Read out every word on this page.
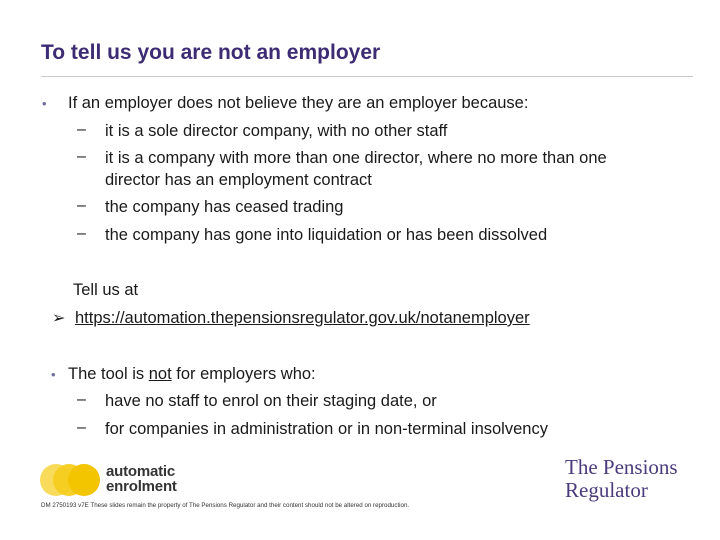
To tell us you are not an employer
• If an employer does not believe they are an employer because:
– it is a sole director company, with no other staff
– it is a company with more than one director, where no more than one
director has an employment contract
– the company has ceased trading
– the company has gone into liquidation or has been dissolved
Tell us at
➢ https://automation.thepensionsregulator.gov.uk/notanemployer
• The tool is not for employers who:
– have no staff to enrol on their staging date, or
– for companies in administration or in non-terminal insolvency
automatic
enrolment
The Pensions
Regulator
DM 2750193 v7E These slides remain the property of The Pensions Regulator and their content should not be altered on reproduction.
